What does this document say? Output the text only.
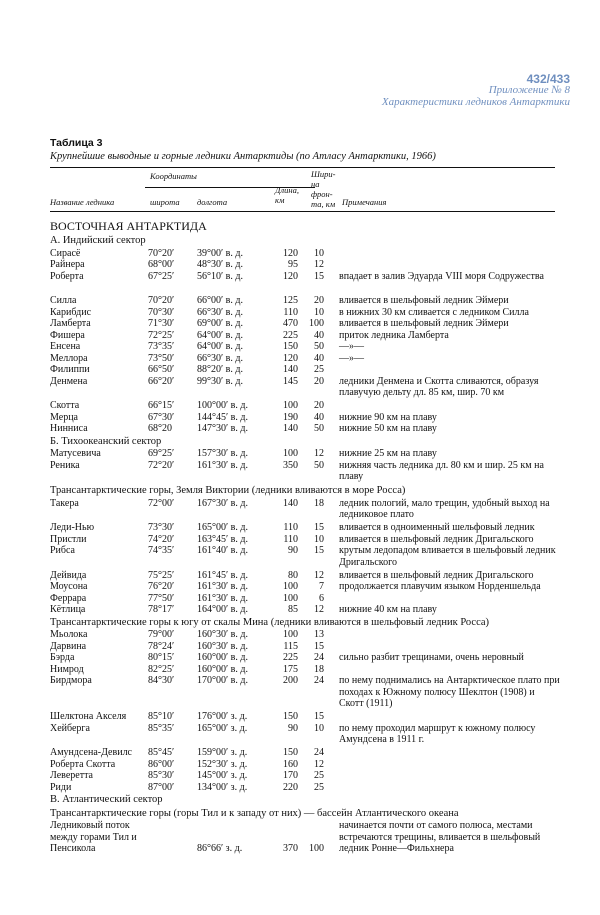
432/433
Приложение № 8
Характеристики ледников Антарктики
Таблица 3
Крупнейшие выводные и горные ледники Антарктиды (по Атласу Антарктики, 1966)
Координаты
Название ледника	широта долгота
Длина, км
Шири-на фрон-та, км Примечания
ВОСТОЧНАЯ АНТАРКТИДА
А. Индийский сектор
Сирасё	70°20′ 39°00′ в. д.	120	10
Райнера	68°00′ 48°30′ в. д.	95	12
Роберта	67°25′ 56°10′ в. д.	120	15 впадает в залив Эдуарда VIII моря Содружества
Силла	70°20′ 66°00′ в. д.	125	20 вливается в шельфовый ледник Эймери
Карибдис	70°30′ 66°30′ в. д.	110	10 в нижних 30 км сливается с ледником Силла
Ламберта	71°30′ 69°00′ в. д.	470	100 вливается в шельфовый ледник Эймери
Фишера	72°25′ 64°00′ в. д.	225	40 приток ледника Ламберта
Енсена	73°35′ 64°00′ в. д.	150	50 —»—
Меллора	73°50′ 66°30′ в. д.	120	40 —»—
Филиппи	66°50′ 88°20′ в. д.	140	25
Денмена	66°20′ 99°30′ в. д.	145	20 ледники Денмена и Скотта сливаются, образуя плавучую дельту дл. 85 км, шир. 70 км
Скотта	66°15′ 100°00′ в. д.	100	20
Мерца	67°30′ 144°45′ в. д.	190	40 нижние 90 км на плаву
Нинниса	68°20	147°30′ в. д.	140	50 нижние 50 км на плаву
Б. Тихоокеанский сектор
Матусевича	69°25′ 157°30′ в. д.	100	12 нижние 25 км на плаву
Реника	72°20′ 161°30′ в. д.	350	50 нижняя часть ледника дл. 80 км и шир. 25 км на плаву
Трансантарктические горы, Земля Виктории (ледники вливаются в море Росса)
Такера	72°00′ 167°30′ в. д.	140	18 ледник пологий, мало трещин, удобный выход на ледниковое плато
Леди-Нью	73°30′ 165°00′ в. д.	110	15 вливается в одноименный шельфовый ледник
Пристли	74°20′ 163°45′ в. д.	110	10 вливается в шельфовый ледник Дригальского
Рибса	74°35′ 161°40′ в. д.	90	15 крутым ледопадом вливается в шельфовый ледник Дригальского
Дейвида	75°25′ 161°45′ в. д.	80	12 вливается в шельфовый ледник Дригальского
Моусона	76°20′ 161°30′ в. д.	100	7 продолжается плавучим языком Норденшельда
Феррара	77°50′ 161°30′ в. д.	100	6
Кётлица	78°17′ 164°00′ в. д.	85	12 нижние 40 км на плаву
Трансантарктические горы к югу от скалы Мина (ледники вливаются в шельфовый ледник Росса)
Мьолока	79°00′ 160°30′ в. д.	100	13
Дарвина	78°24′ 160°30′ в. д.	115	15
Бэрда	80°15′ 160°00′ в. д.	225	24 сильно разбит трещинами, очень неровный
Нимрод	82°25′ 160°00′ в. д.	175	18
Бирдмора	84°30′ 170°00′ в. д.	200	24 по нему поднимались на Антарктическое плато при походах к Южному полюсу Шеклтон (1908) и Скотт (1911)
Шелктона Акселя 85°10′ 176°00′ з. д.	150	15
Хейберга	85°35′ 165°00′ з. д.	90	10 по нему проходил маршрут к южному полюсу Амундсена в 1911 г.
Амундсена-Девилс 85°45′ 159°00′ з. д.	150	24
Роберта Скотта	86°00′ 152°30′ з. д.	160	12
Леверетта	85°30′ 145°00′ з. д.	170	25
Риди	87°00′ 134°00′ з. д.	220	25
В. Атлантический сектор
Трансантарктические горы (горы Тил и к западу от них) — бассейн Атлантического океана
Ледниковый поток между горами Тил и Пенсикола	86°66′ з. д.	370	100
начинается почти от самого полюса, местами встречаются трещины, вливается в шельфовый ледник Ронне—Фильхнера
